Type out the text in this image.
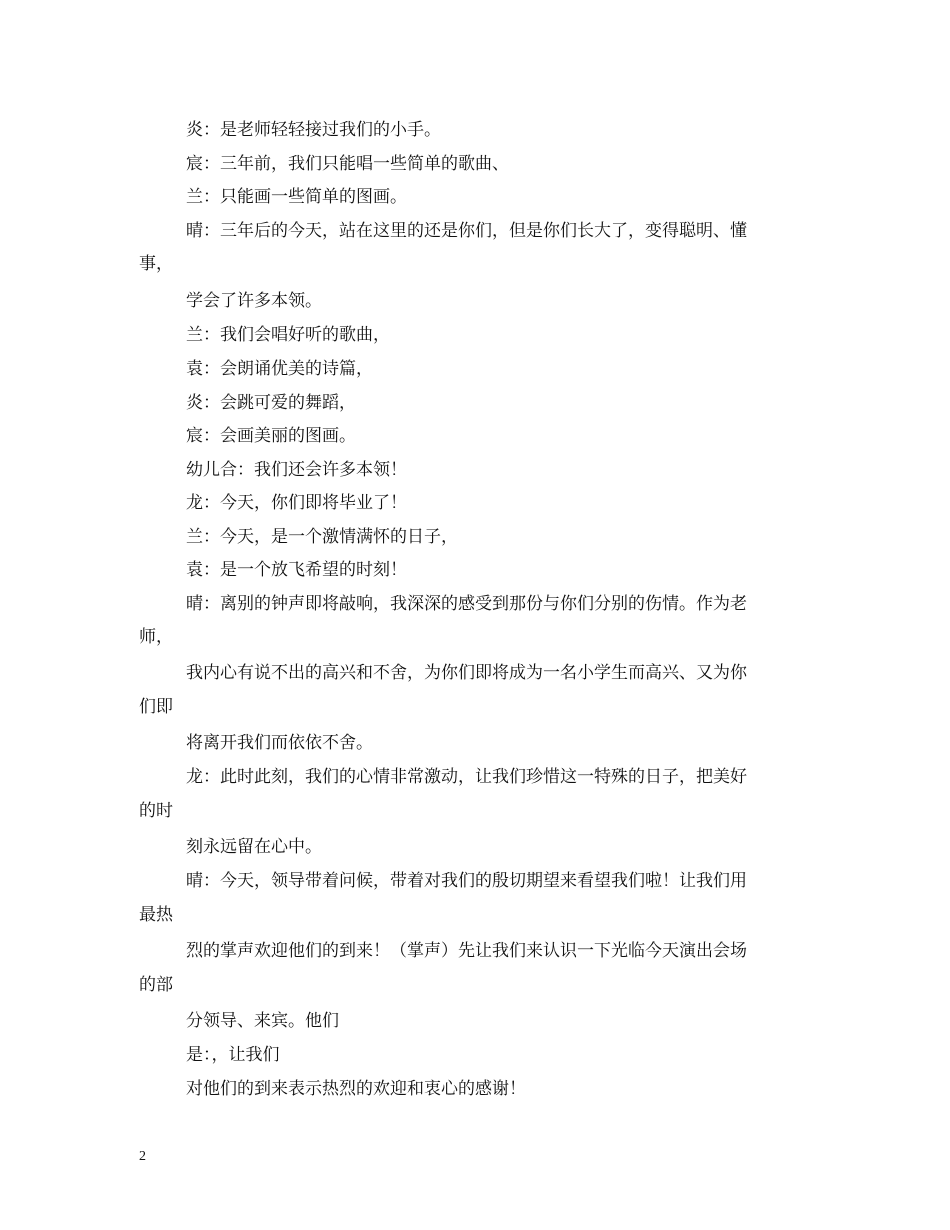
炎：是老师轻轻接过我们的小手。
宸：三年前，我们只能唱一些简单的歌曲、
兰：只能画一些简单的图画。
晴：三年后的今天，站在这里的还是你们，但是你们长大了，变得聪明、懂
事，
学会了许多本领。
兰：我们会唱好听的歌曲，
袁：会朗诵优美的诗篇，
炎：会跳可爱的舞蹈，
宸：会画美丽的图画。
幼儿合：我们还会许多本领！
龙：今天，你们即将毕业了！
兰：今天，是一个激情满怀的日子，
袁：是一个放飞希望的时刻！
晴：离别的钟声即将敲响，我深深的感受到那份与你们分别的伤情。作为老
师，
我内心有说不出的高兴和不舍，为你们即将成为一名小学生而高兴、又为你
们即
将离开我们而依依不舍。
龙：此时此刻，我们的心情非常激动，让我们珍惜这一特殊的日子，把美好
的时
刻永远留在心中。
晴：今天，领导带着问候，带着对我们的殷切期望来看望我们啦！让我们用
最热
烈的掌声欢迎他们的到来！（掌声）先让我们来认识一下光临今天演出会场
的部
分领导、来宾。他们
是：，让我们
对他们的到来表示热烈的欢迎和衷心的感谢！
2
